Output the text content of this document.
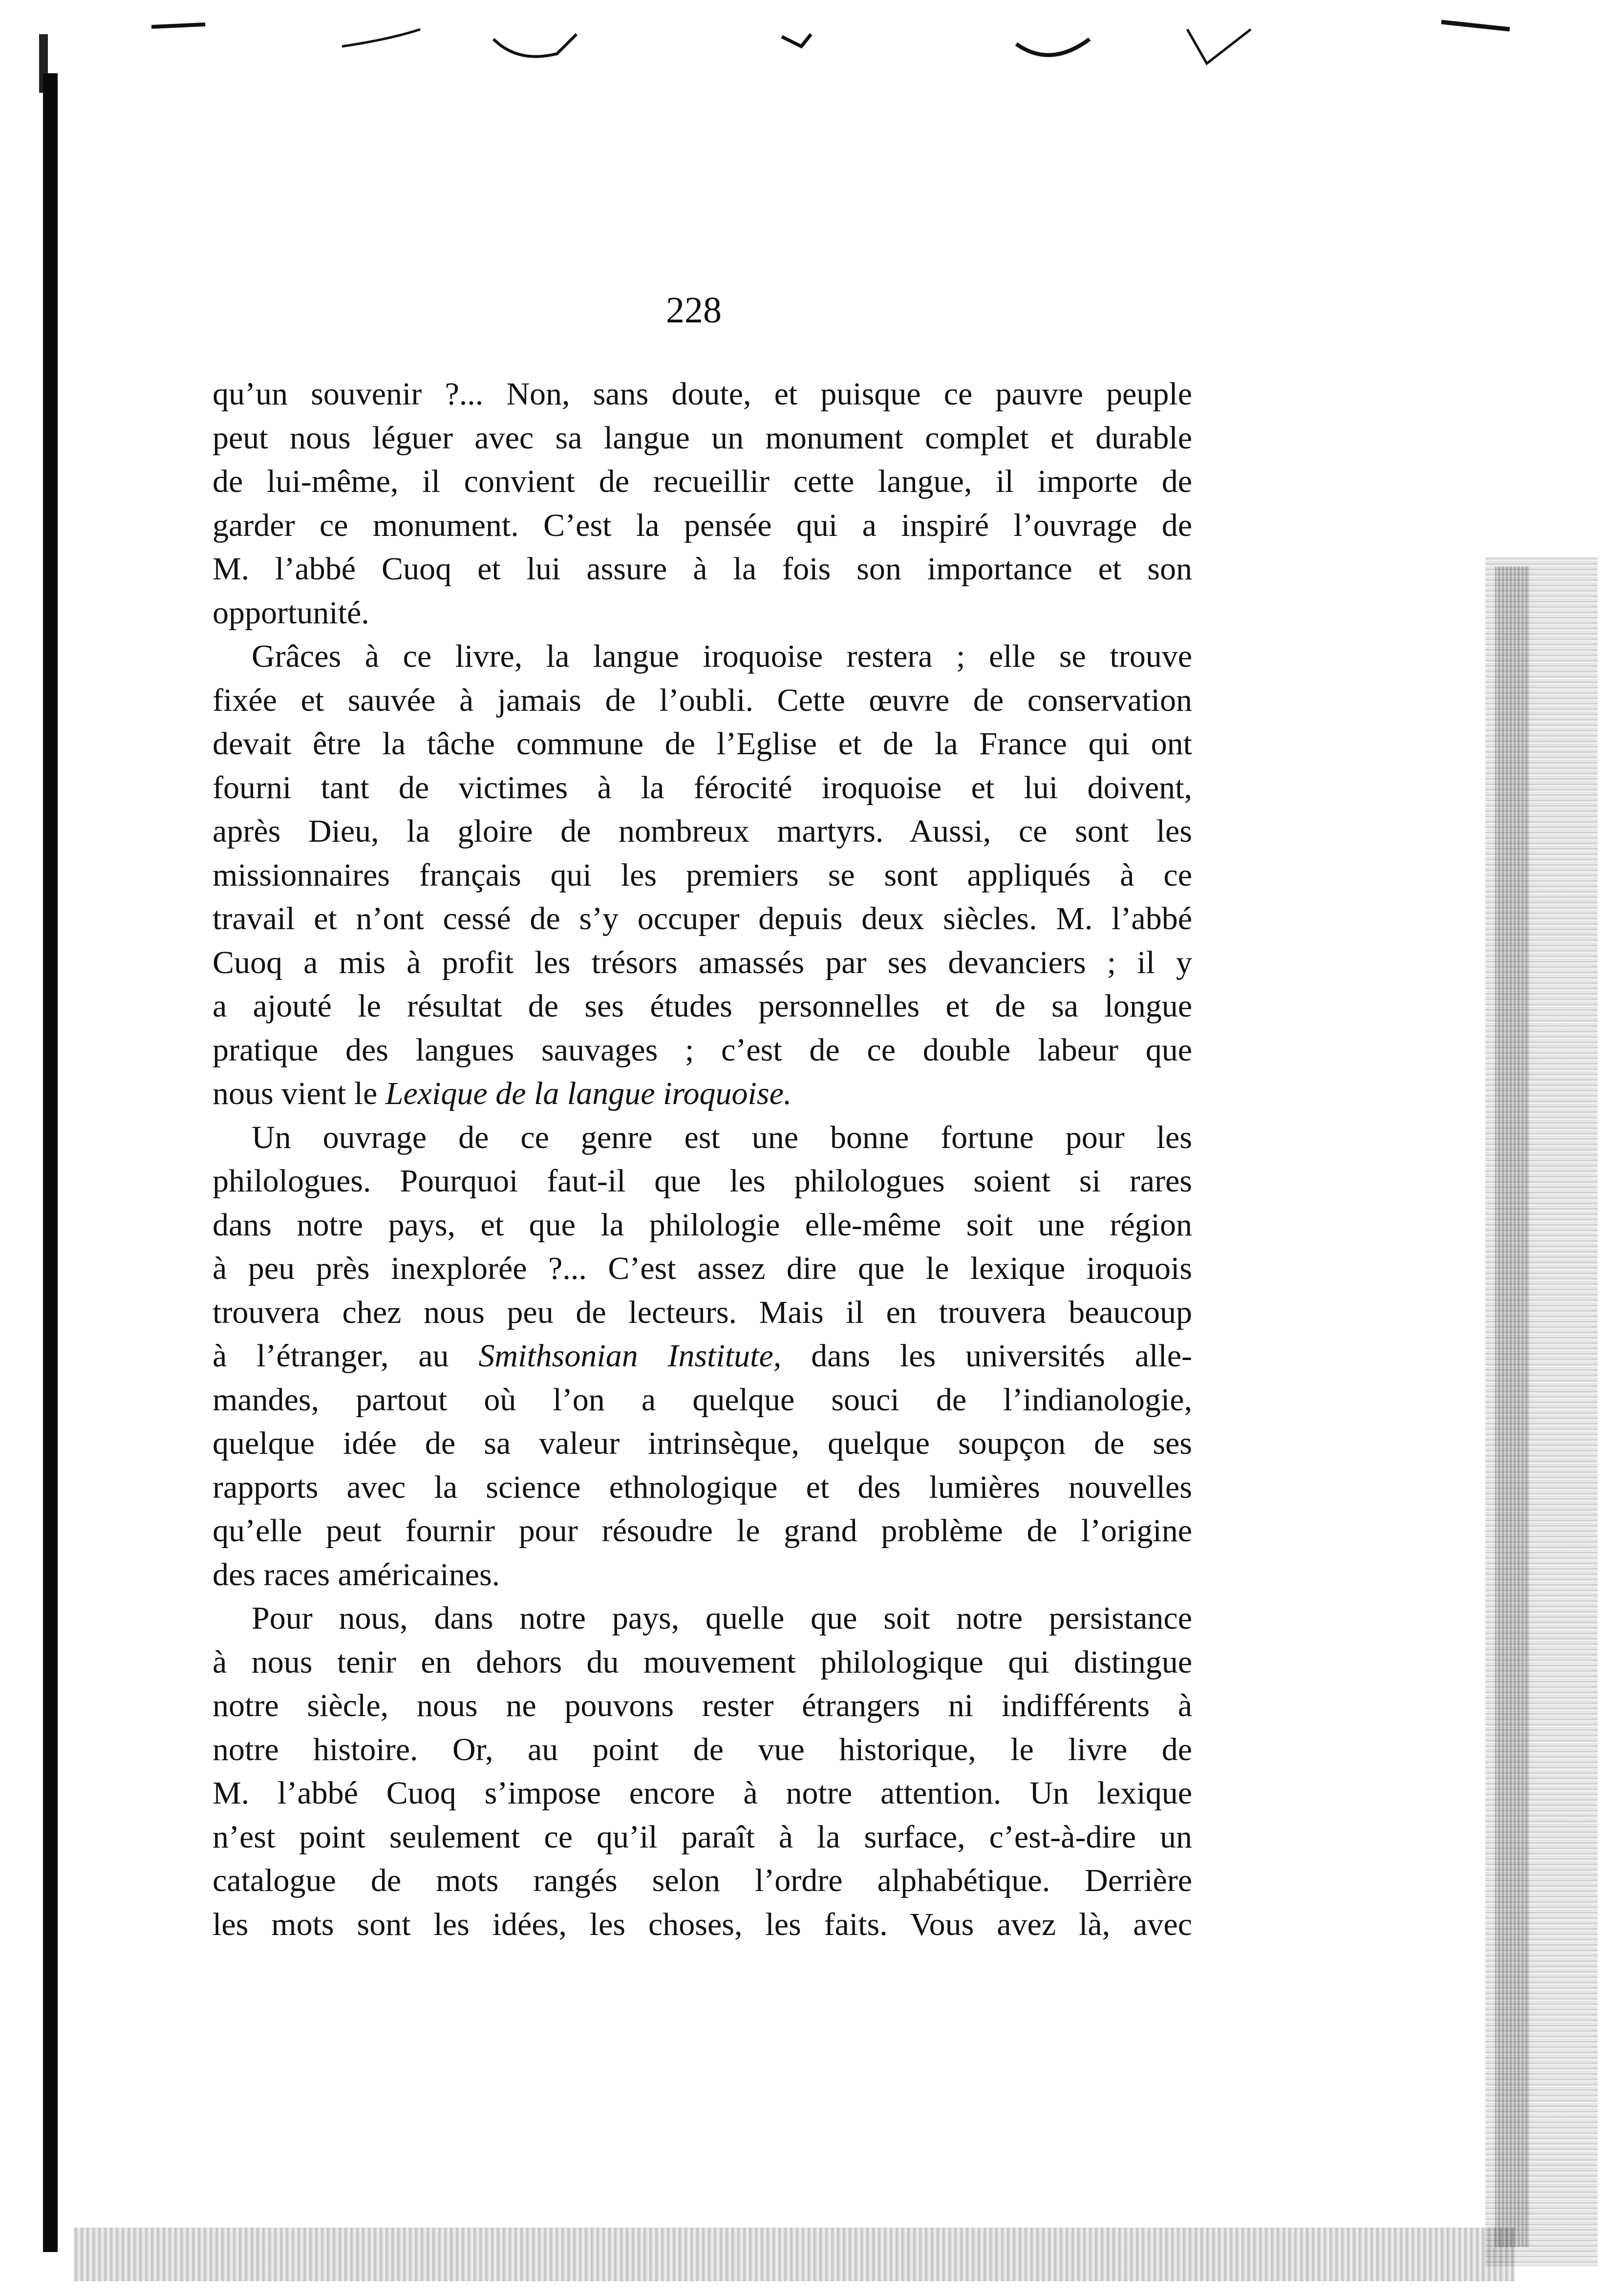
228
qu’un souvenir ?... Non, sans doute, et puisque ce pauvre peuple
peut nous léguer avec sa langue un monument complet et durable
de lui-même, il convient de recueillir cette langue, il importe de
garder ce monument. C’est la pensée qui a inspiré l’ouvrage de
M. l’abbé Cuoq et lui assure à la fois son importance et son
opportunité.
Grâces à ce livre, la langue iroquoise restera ; elle se trouve
fixée et sauvée à jamais de l’oubli. Cette œuvre de conservation
devait être la tâche commune de l’Eglise et de la France qui ont
fourni tant de victimes à la férocité iroquoise et lui doivent,
après Dieu, la gloire de nombreux martyrs. Aussi, ce sont les
missionnaires français qui les premiers se sont appliqués à ce
travail et n’ont cessé de s’y occuper depuis deux siècles. M. l’abbé
Cuoq a mis à profit les trésors amassés par ses devanciers ; il y
a ajouté le résultat de ses études personnelles et de sa longue
pratique des langues sauvages ; c’est de ce double labeur que
nous vient le Lexique de la langue iroquoise.
Un ouvrage de ce genre est une bonne fortune pour les
philologues. Pourquoi faut-il que les philologues soient si rares
dans notre pays, et que la philologie elle-même soit une région
à peu près inexplorée ?... C’est assez dire que le lexique iroquois
trouvera chez nous peu de lecteurs. Mais il en trouvera beaucoup
à l’étranger, au Smithsonian Institute, dans les universités alle-
mandes, partout où l’on a quelque souci de l’indianologie,
quelque idée de sa valeur intrinsèque, quelque soupçon de ses
rapports avec la science ethnologique et des lumières nouvelles
qu’elle peut fournir pour résoudre le grand problème de l’origine
des races américaines.
Pour nous, dans notre pays, quelle que soit notre persistance
à nous tenir en dehors du mouvement philologique qui distingue
notre siècle, nous ne pouvons rester étrangers ni indifférents à
notre histoire. Or, au point de vue historique, le livre de
M. l’abbé Cuoq s’impose encore à notre attention. Un lexique
n’est point seulement ce qu’il paraît à la surface, c’est-à-dire un
catalogue de mots rangés selon l’ordre alphabétique. Derrière
les mots sont les idées, les choses, les faits. Vous avez là, avec
